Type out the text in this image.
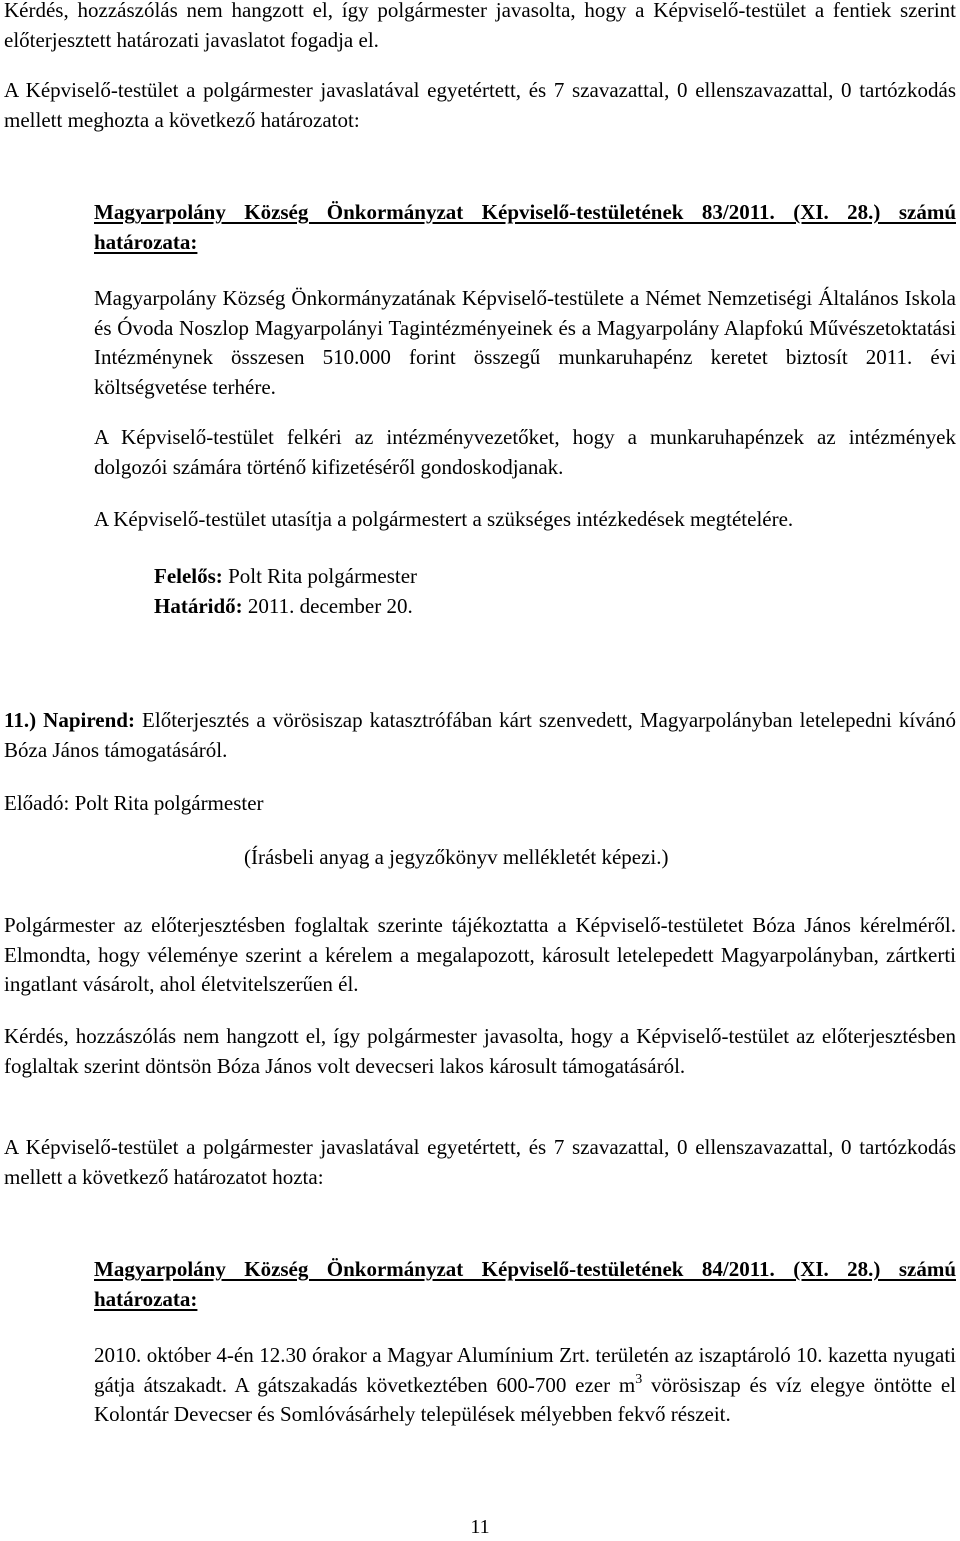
Kérdés, hozzászólás nem hangzott el, így polgármester javasolta, hogy a Képviselő-testület a fentiek szerint előterjesztett határozati javaslatot fogadja el.

A Képviselő-testület a polgármester javaslatával egyetértett, és 7 szavazattal, 0 ellenszavazattal, 0 tartózkodás mellett meghozta a következő határozatot:

Magyarpolány Község Önkormányzat Képviselő-testületének 83/2011. (XI. 28.) számú határozata:

Magyarpolány Község Önkormányzatának Képviselő-testülete a Német Nemzetiségi Általános Iskola és Óvoda Noszlop Magyarpolányi Tagintézményeinek és a Magyarpolány Alapfokú Művészetoktatási Intézménynek összesen 510.000 forint összegű munkaruhapénz keretet biztosít 2011. évi költségvetése terhére.

A Képviselő-testület felkéri az intézményvezetőket, hogy a munkaruhapénzek az intézmények dolgozói számára történő kifizetéséről gondoskodjanak.

A Képviselő-testület utasítja a polgármestert a szükséges intézkedések megtételére.

Felelős: Polt Rita polgármester

Határidő: 2011. december 20.

11.) Napirend: Előterjesztés a vörösiszap katasztrófában kárt szenvedett, Magyarpolányban letelepedni kívánó Bóza János támogatásáról.

Előadó: Polt Rita polgármester

(Írásbeli anyag a jegyzőkönyv mellékletét képezi.)

Polgármester az előterjesztésben foglaltak szerinte tájékoztatta a Képviselő-testületet Bóza János kérelméről. Elmondta, hogy véleménye szerint a kérelem a megalapozott, károsult letelepedett Magyarpolányban, zártkerti ingatlant vásárolt, ahol életvitelszerűen él.

Kérdés, hozzászólás nem hangzott el, így polgármester javasolta, hogy a Képviselő-testület az előterjesztésben foglaltak szerint döntsön Bóza János volt devecseri lakos károsult támogatásáról.

A Képviselő-testület a polgármester javaslatával egyetértett, és 7 szavazattal, 0 ellenszavazattal, 0 tartózkodás mellett a következő határozatot hozta:

Magyarpolány Község Önkormányzat Képviselő-testületének 84/2011. (XI. 28.) számú határozata:

2010. október 4-én 12.30 órakor a Magyar Alumínium Zrt. területén az iszaptároló 10. kazetta nyugati gátja átszakadt. A gátszakadás következtében 600-700 ezer $m^3$ vörösiszap és víz elegye öntötte el Kolontár Devecser és Somlóvásárhely települések mélyebben fekvő részeit.

11
